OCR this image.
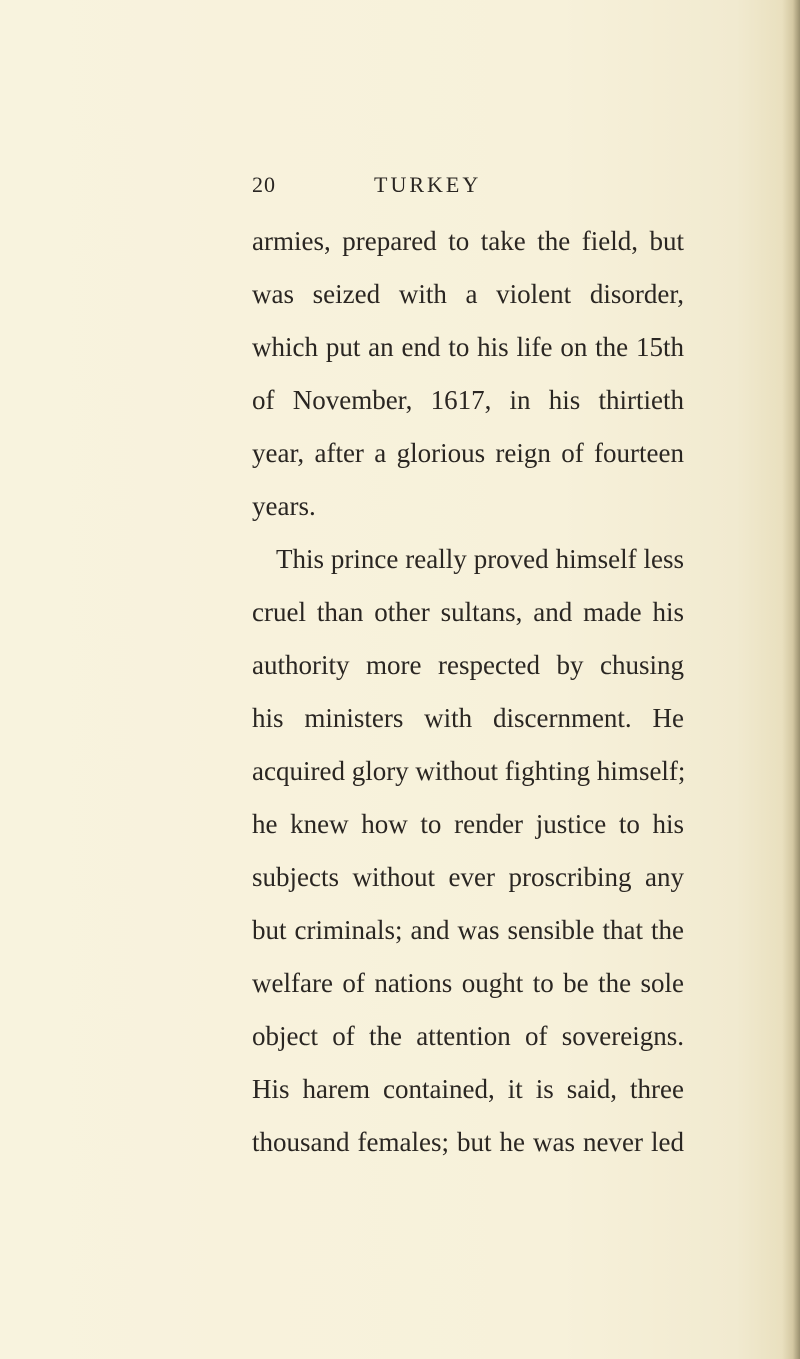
20	TURKEY
armies, prepared to take the field, but
was seized with a violent disorder,
which put an end to his life on the 15th
of November, 1617, in his thirtieth
year, after a glorious reign of fourteen
years.
This prince really proved himself less
cruel than other sultans, and made his
authority more respected by chusing
his ministers with discernment. He
acquired glory without fighting himself;
he knew how to render justice to his
subjects without ever proscribing any
but criminals; and was sensible that the
welfare of nations ought to be the sole
object of the attention of sovereigns.
His harem contained, it is said, three
thousand females; but he was never led
